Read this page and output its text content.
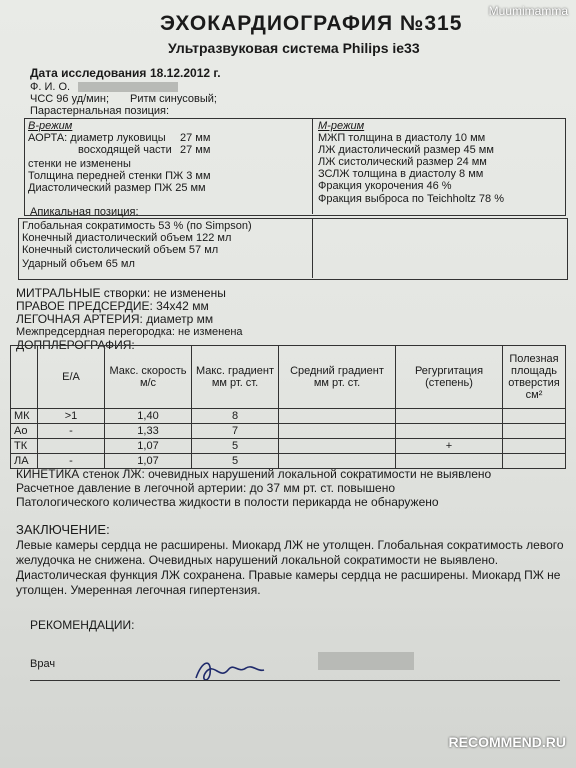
Muumimamma
ЭХОКАРДИОГРАФИЯ №315
Ультразвуковая система Philips ie33
Дата исследования 18.12.2012 г.
Ф. И. О.
ЧСС 96 уд/мин; Ритм синусовый;
Парастернальная позиция:
В-режим
АОРТА: диаметр луковицы 27 мм
восходящей части 27 мм
стенки не изменены
Толщина передней стенки ПЖ 3 мм
Диастолический размер ПЖ 25 мм
М-режим
МЖП толщина в диастолу 10 мм
ЛЖ диастолический размер 45 мм
ЛЖ систолический размер 24 мм
ЗСЛЖ толщина в диастолу 8 мм
Фракция укорочения 46 %
Фракция выброса по Teichholtz 78 %
Апикальная позиция:
Глобальная сократимость 53 % (по Simpson)
Конечный диастолический объем 122 мл
Конечный систолический объем 57 мл
Ударный объем 65 мл
МИТРАЛЬНЫЕ створки: не изменены
ПРАВОЕ ПРЕДСЕРДИЕ: 34х42 мм
ЛЕГОЧНАЯ АРТЕРИЯ: диаметр мм
Межпредсердная перегородка: не изменена
ДОППЛЕРОГРАФИЯ:
	E/A	Макс. скорость м/с	Макс. градиент мм рт. ст.	Средний градиент мм рт. ст.	Регургитация (степень)	Полезная площадь отверстия см²
МК	>1	1,40	8			
Ао	-	1,33	7			
ТК		1,07	5		+	
ЛА	-	1,07	5			
КИНЕТИКА стенок ЛЖ: очевидных нарушений локальной сократимости не выявлено
Расчетное давление в легочной артерии: до 37 мм рт. ст. повышено
Патологического количества жидкости в полости перикарда не обнаружено
ЗАКЛЮЧЕНИЕ:
Левые камеры сердца не расширены. Миокард ЛЖ не утолщен. Глобальная сократимость левого
желудочка не снижена. Очевидных нарушений локальной сократимости не выявлено.
Диастолическая функция ЛЖ сохранена. Правые камеры сердца не расширены. Миокард ПЖ не
утолщен. Умеренная легочная гипертензия.
РЕКОМЕНДАЦИИ:
Врач
RECOMMEND.RU
